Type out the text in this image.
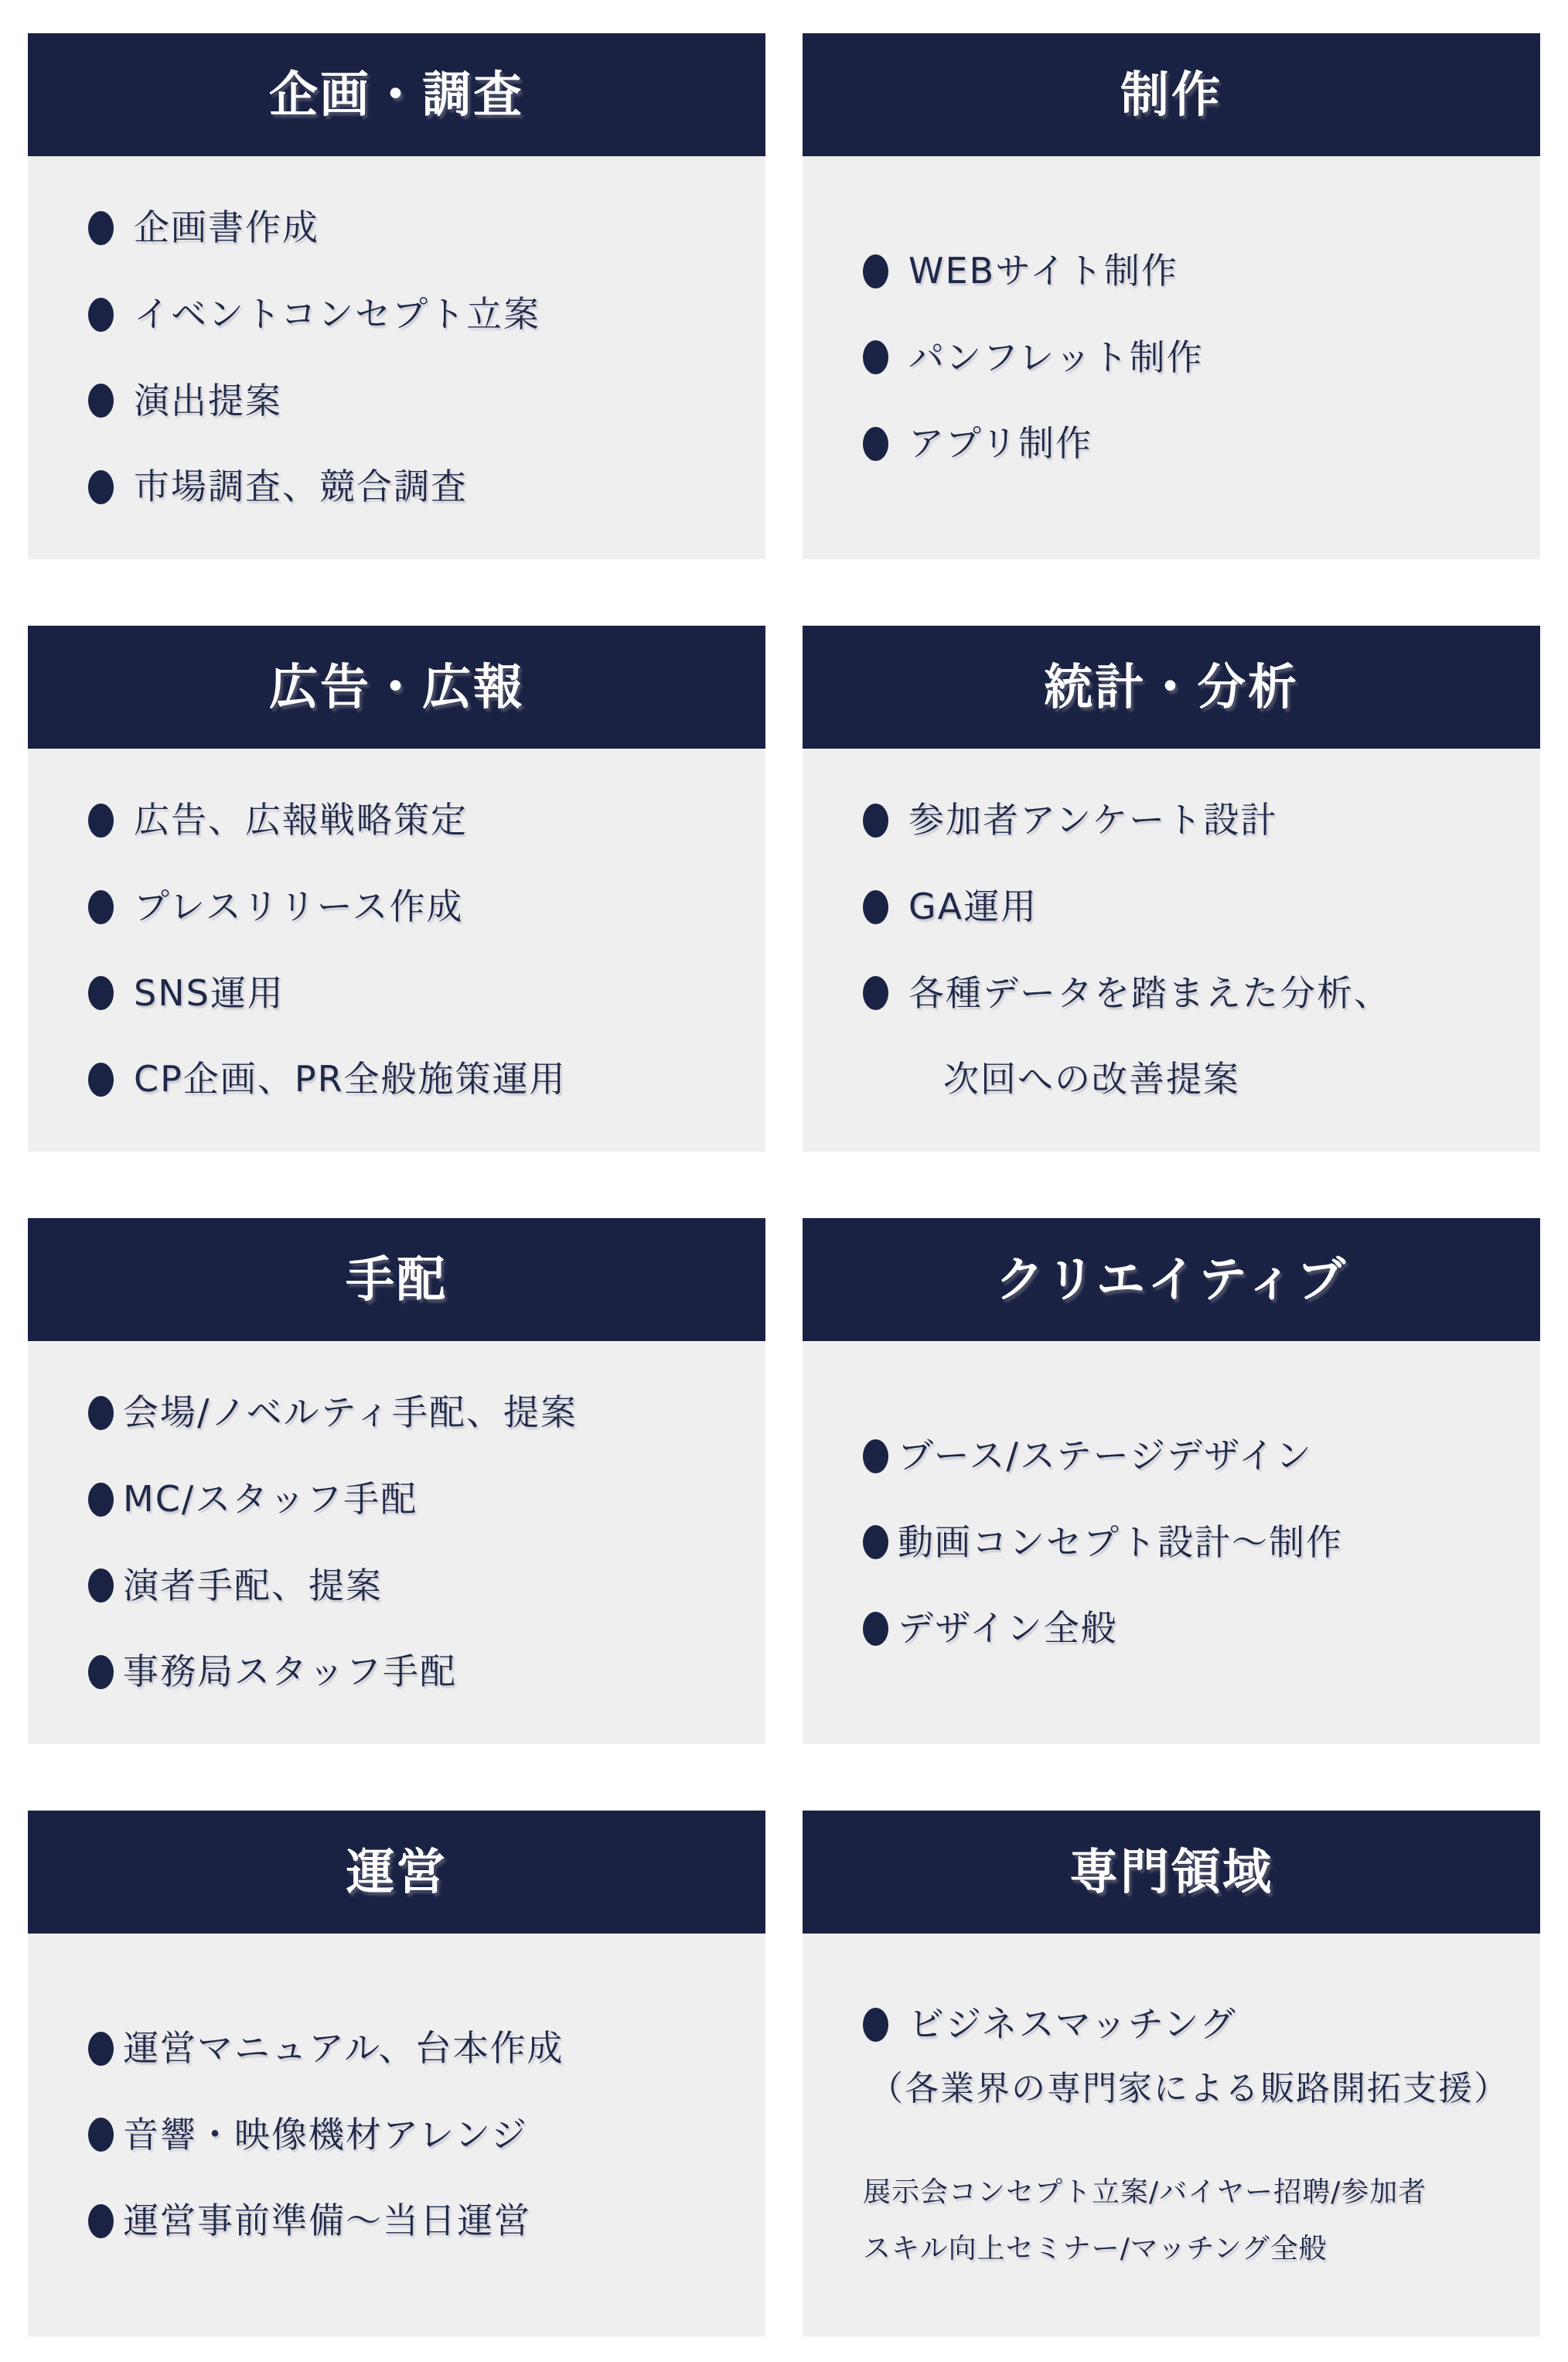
企画・調査
企画書作成
イベントコンセプト立案
演出提案
市場調査、競合調査
制作
WEBサイト制作
パンフレット制作
アプリ制作
広告・広報
広告、広報戦略策定
プレスリリース作成
SNS運用
CP企画、PR全般施策運用
統計・分析
参加者アンケート設計
GA運用
各種データを踏まえた分析、
次回への改善提案
手配
会場/ノベルティ手配、提案
MC/スタッフ手配
演者手配、提案
事務局スタッフ手配
クリエイティブ
ブース/ステージデザイン
動画コンセプト設計～制作
デザイン全般
運営
運営マニュアル、台本作成
音響・映像機材アレンジ
運営事前準備～当日運営
専門領域
ビジネスマッチング
（各業界の専門家による販路開拓支援）
展示会コンセプト立案/バイヤー招聘/参加者
スキル向上セミナー/マッチング全般
